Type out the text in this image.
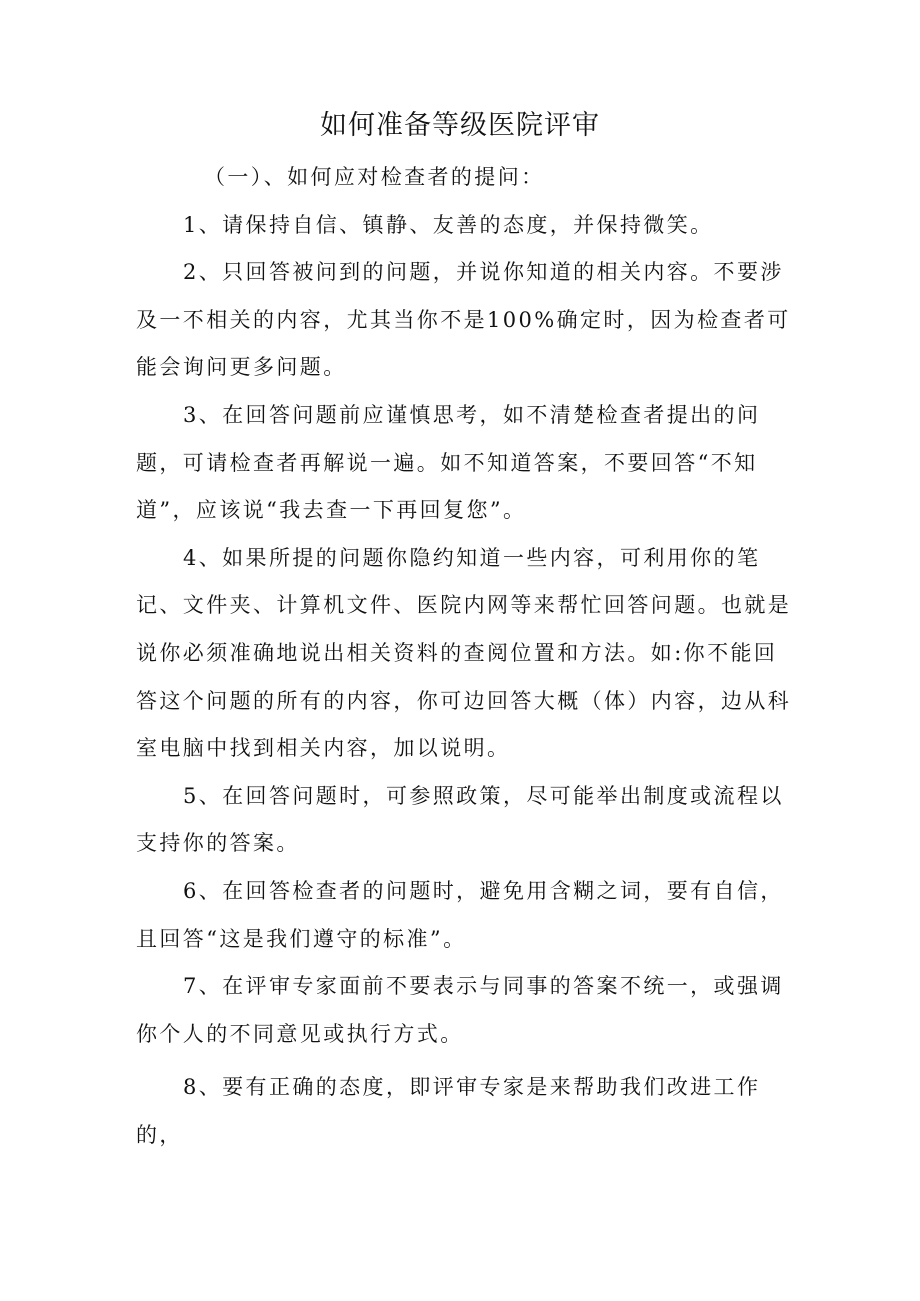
如何准备等级医院评审

（一）、如何应对检查者的提问：

1、请保持自信、镇静、友善的态度，并保持微笑。

2、只回答被问到的问题，并说你知道的相关内容。不要涉及一不相关的内容，尤其当你不是100%确定时，因为检查者可能会询问更多问题。

3、在回答问题前应谨慎思考，如不清楚检查者提出的问题，可请检查者再解说一遍。如不知道答案，不要回答“不知道”，应该说“我去查一下再回复您”。

4、如果所提的问题你隐约知道一些内容，可利用你的笔记、文件夹、计算机文件、医院内网等来帮忙回答问题。也就是说你必须准确地说出相关资料的查阅位置和方法。如:你不能回答这个问题的所有的内容，你可边回答大概（体）内容，边从科室电脑中找到相关内容，加以说明。

5、在回答问题时，可参照政策，尽可能举出制度或流程以支持你的答案。

6、在回答检查者的问题时，避免用含糊之词，要有自信，且回答“这是我们遵守的标准”。

7、在评审专家面前不要表示与同事的答案不统一，或强调你个人的不同意见或执行方式。

8、要有正确的态度，即评审专家是来帮助我们改进工作的，
